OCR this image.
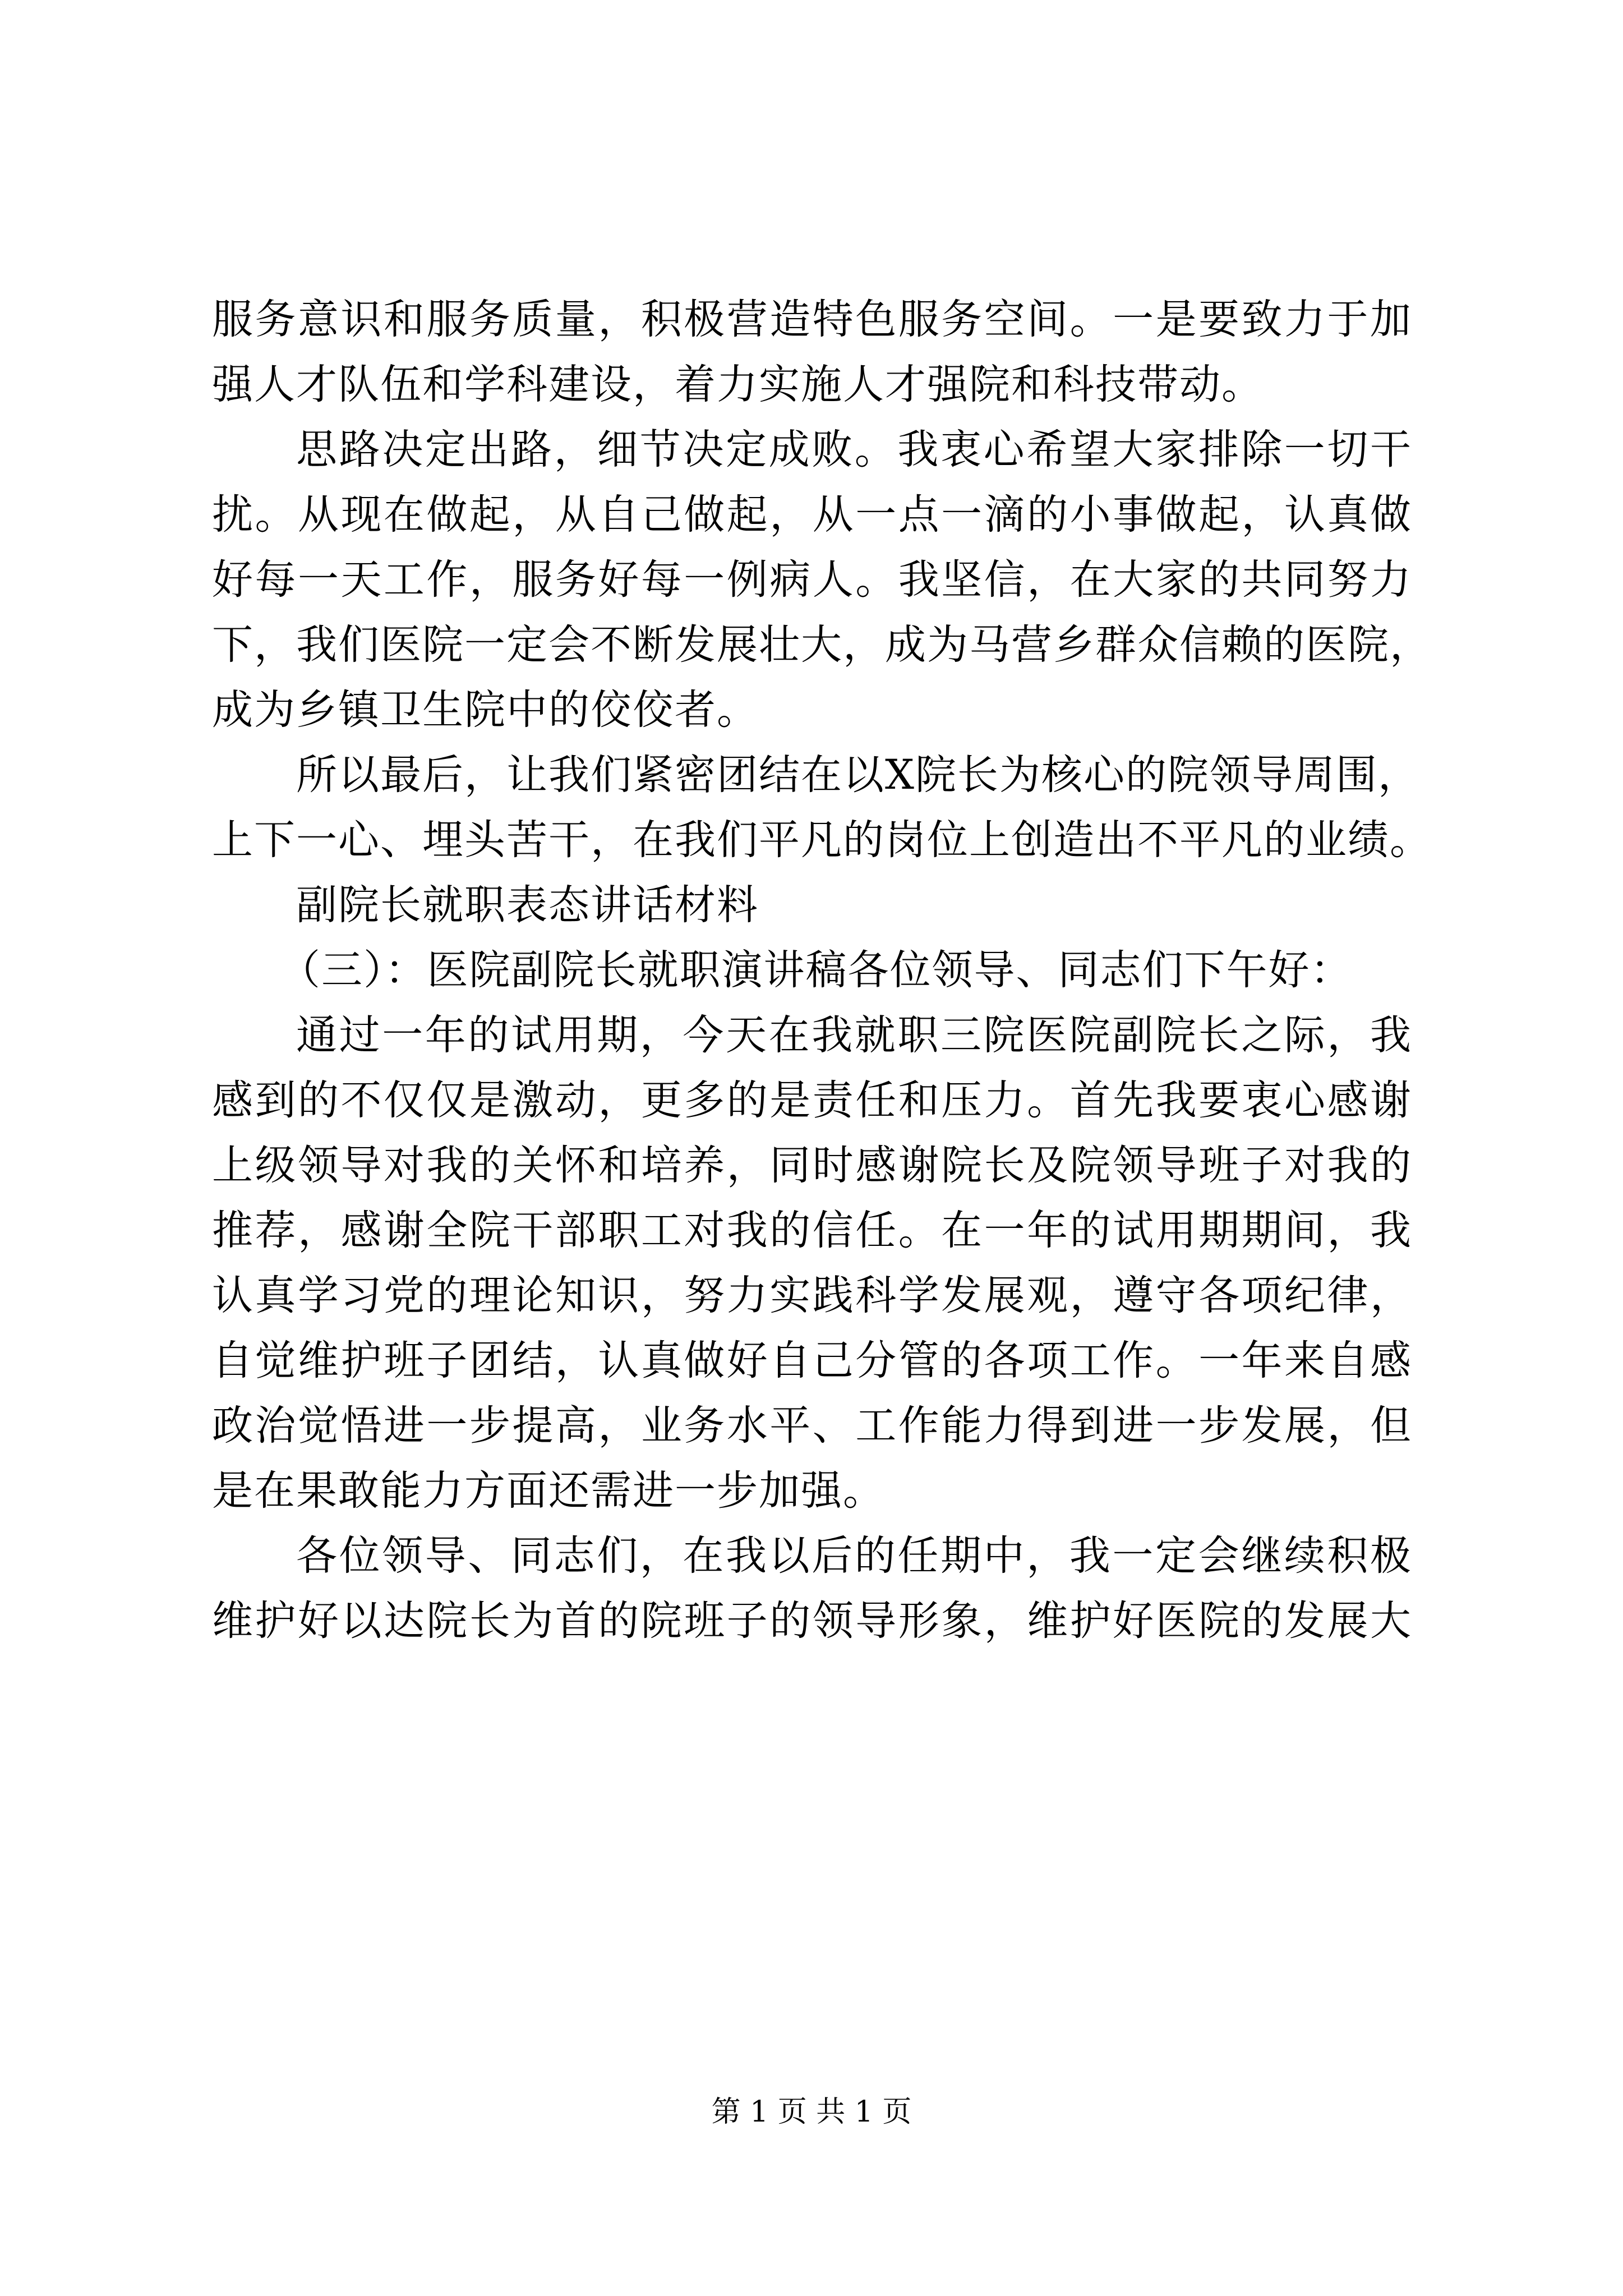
服务意识和服务质量，积极营造特色服务空间。一是要致力于加
强人才队伍和学科建设，着力实施人才强院和科技带动。
思路决定出路，细节决定成败。我衷心希望大家排除一切干
扰。从现在做起，从自己做起，从一点一滴的小事做起，认真做
好每一天工作，服务好每一例病人。我坚信，在大家的共同努力
下，我们医院一定会不断发展壮大，成为马营乡群众信赖的医院，
成为乡镇卫生院中的佼佼者。
所以最后，让我们紧密团结在以X院长为核心的院领导周围，
上下一心、埋头苦干，在我们平凡的岗位上创造出不平凡的业绩。
副院长就职表态讲话材料
（三）：医院副院长就职演讲稿各位领导、同志们下午好：
通过一年的试用期，今天在我就职三院医院副院长之际，我
感到的不仅仅是激动，更多的是责任和压力。首先我要衷心感谢
上级领导对我的关怀和培养，同时感谢院长及院领导班子对我的
推荐，感谢全院干部职工对我的信任。在一年的试用期期间，我
认真学习党的理论知识，努力实践科学发展观，遵守各项纪律，
自觉维护班子团结，认真做好自己分管的各项工作。一年来自感
政治觉悟进一步提高，业务水平、工作能力得到进一步发展，但
是在果敢能力方面还需进一步加强。
各位领导、同志们，在我以后的任期中，我一定会继续积极
维护好以达院长为首的院班子的领导形象，维护好医院的发展大
第 1 页 共 1 页
